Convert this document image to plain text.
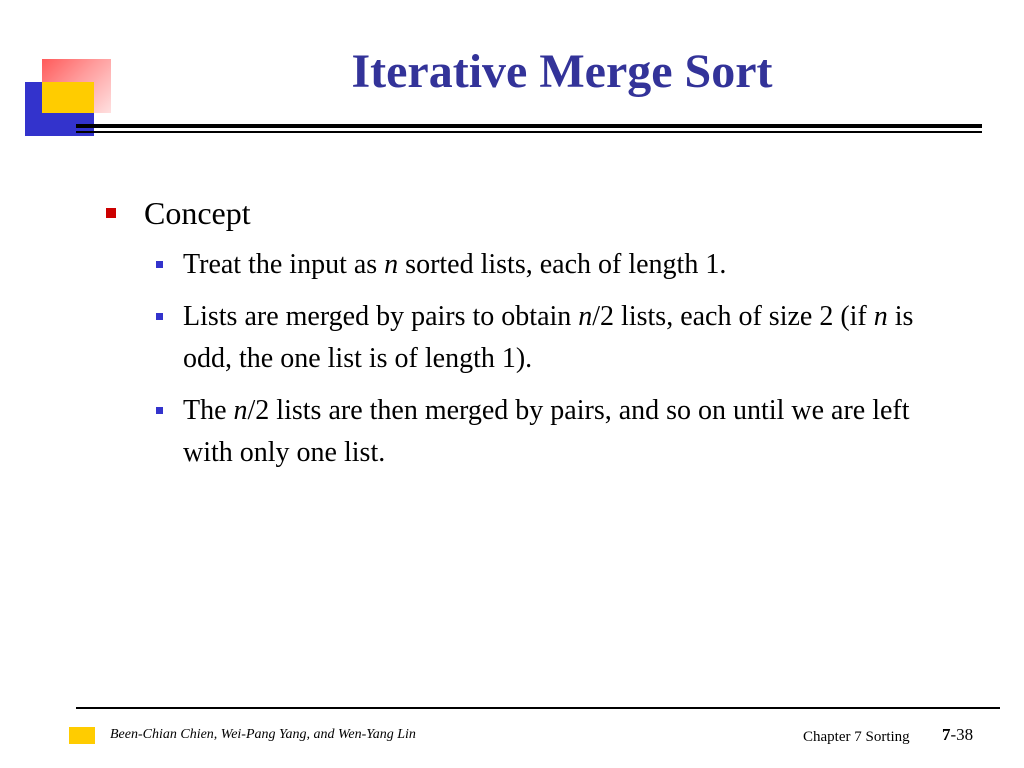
Iterative Merge Sort
Concept
Treat the input as n sorted lists, each of length 1.
Lists are merged by pairs to obtain n/2 lists, each of size 2 (if n is odd, the one list is of length 1).
The n/2 lists are then merged by pairs, and so on until we are left with only one list.
Been-Chian Chien, Wei-Pang Yang, and Wen-Yang Lin	Chapter 7 Sorting 7-38
